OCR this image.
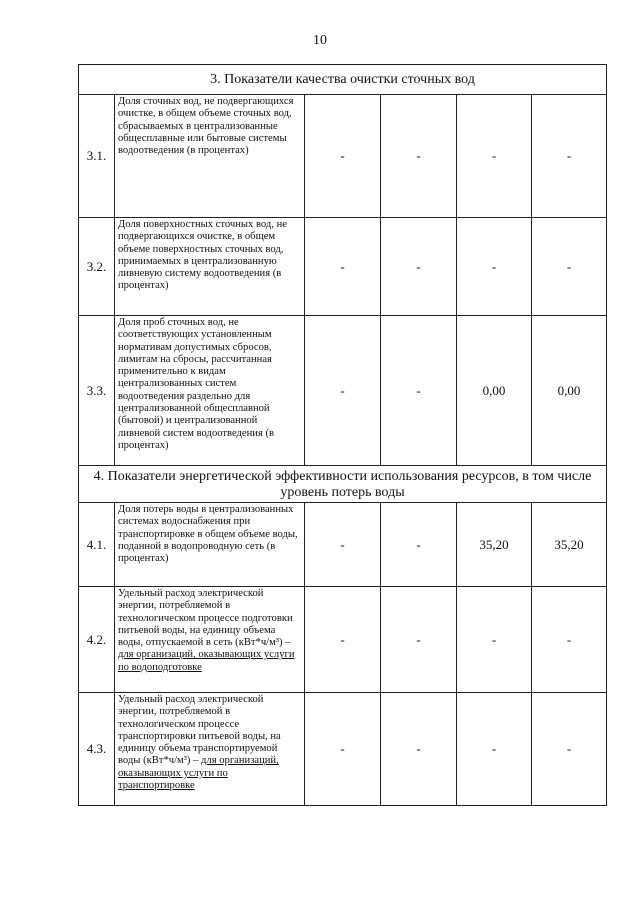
10
3. Показатели качества очистки сточных вод					
3.1.	Доля сточных вод, не подвергающихся очистке, в общем объеме сточных вод, сбрасываемых в централизованные общесплавные или бытовые системы водоотведения (в процентах)	-	-	-	-
3.2.	Доля поверхностных сточных вод, не подвергающихся очистке, в общем объеме поверхностных сточных вод, принимаемых в централизованную ливневую систему водоотведения (в процентах)	-	-	-	-
3.3.	Доля проб сточных вод, не соответствующих установленным нормативам допустимых сбросов, лимитам на сбросы, рассчитанная применительно к видам централизованных систем водоотведения раздельно для централизованной общесплавной (бытовой) и централизованной ливневой систем водоотведения (в процентах)	-	-	0,00	0,00
4. Показатели энергетической эффективности использования ресурсов, в том числе уровень потерь воды					
4.1.	Доля потерь воды в централизованных системах водоснабжения при транспортировке в общем объеме воды, поданной в водопроводную сеть (в процентах)	-	-	35,20	35,20
4.2.	Удельный расход электрической энергии, потребляемой в технологическом процессе подготовки питьевой воды, на единицу объема воды, отпускаемой в сеть (кВт*ч/м³) – для организаций, оказывающих услуги по водоподготовке	-	-	-	-
4.3.	Удельный расход электрической энергии, потребляемой в технологическом процессе транспортировки питьевой воды, на единицу объема транспортируемой воды (кВт*ч/м³) – для организаций, оказывающих услуги по транспортировке	-	-	-	-
